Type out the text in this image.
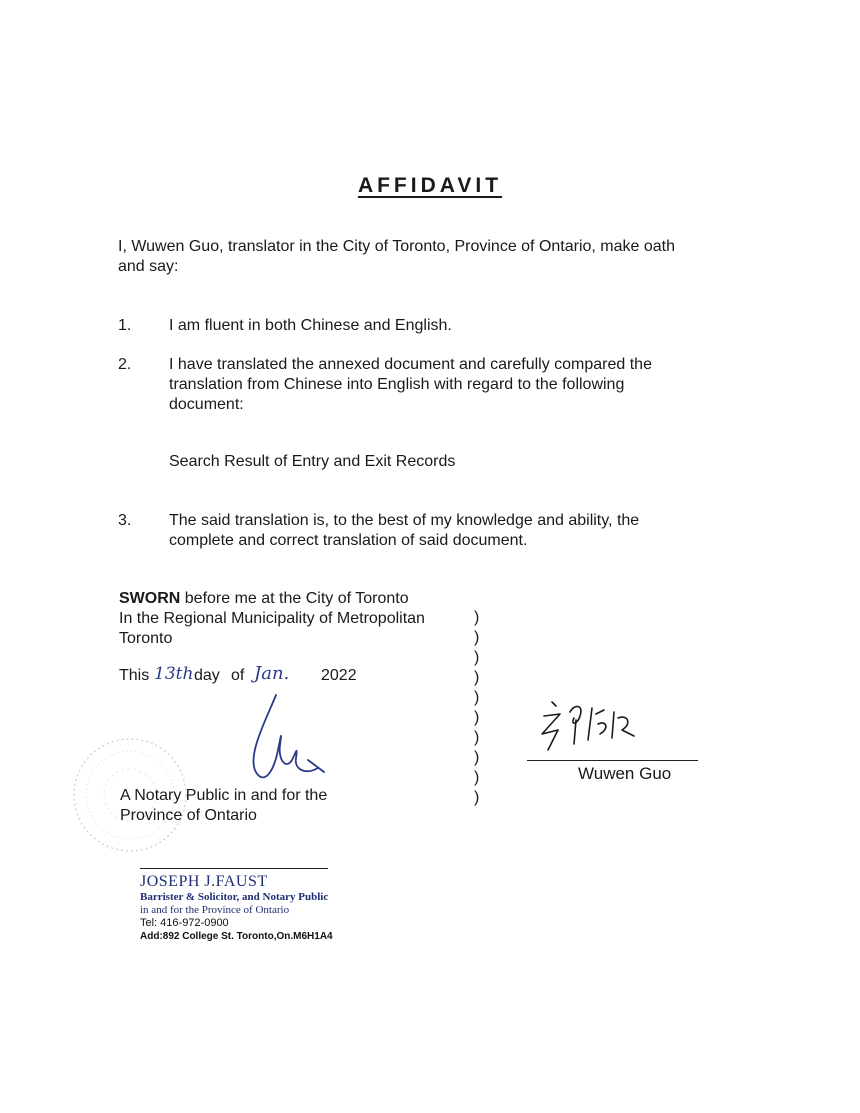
AFFIDAVIT
I, Wuwen Guo, translator in the City of Toronto, Province of Ontario, make oath
and say:
1. I am fluent in both Chinese and English.
2. I have translated the annexed document and carefully compared the
translation from Chinese into English with regard to the following
document:
Search Result of Entry and Exit Records
3. The said translation is, to the best of my knowledge and ability, the
complete and correct translation of said document.
SWORN before me at the City of Toronto
In the Regional Municipality of Metropolitan
Toronto
This 13th day of Jan. 2022
A Notary Public in and for the
Province of Ontario
)
)
)
)
)
)
)
)
)
)
Wuwen Guo
JOSEPH J.FAUST
Barrister & Solicitor, and Notary Public
in and for the Province of Ontario
Tel: 416-972-0900
Add:892 College St. Toronto,On.M6H1A4
